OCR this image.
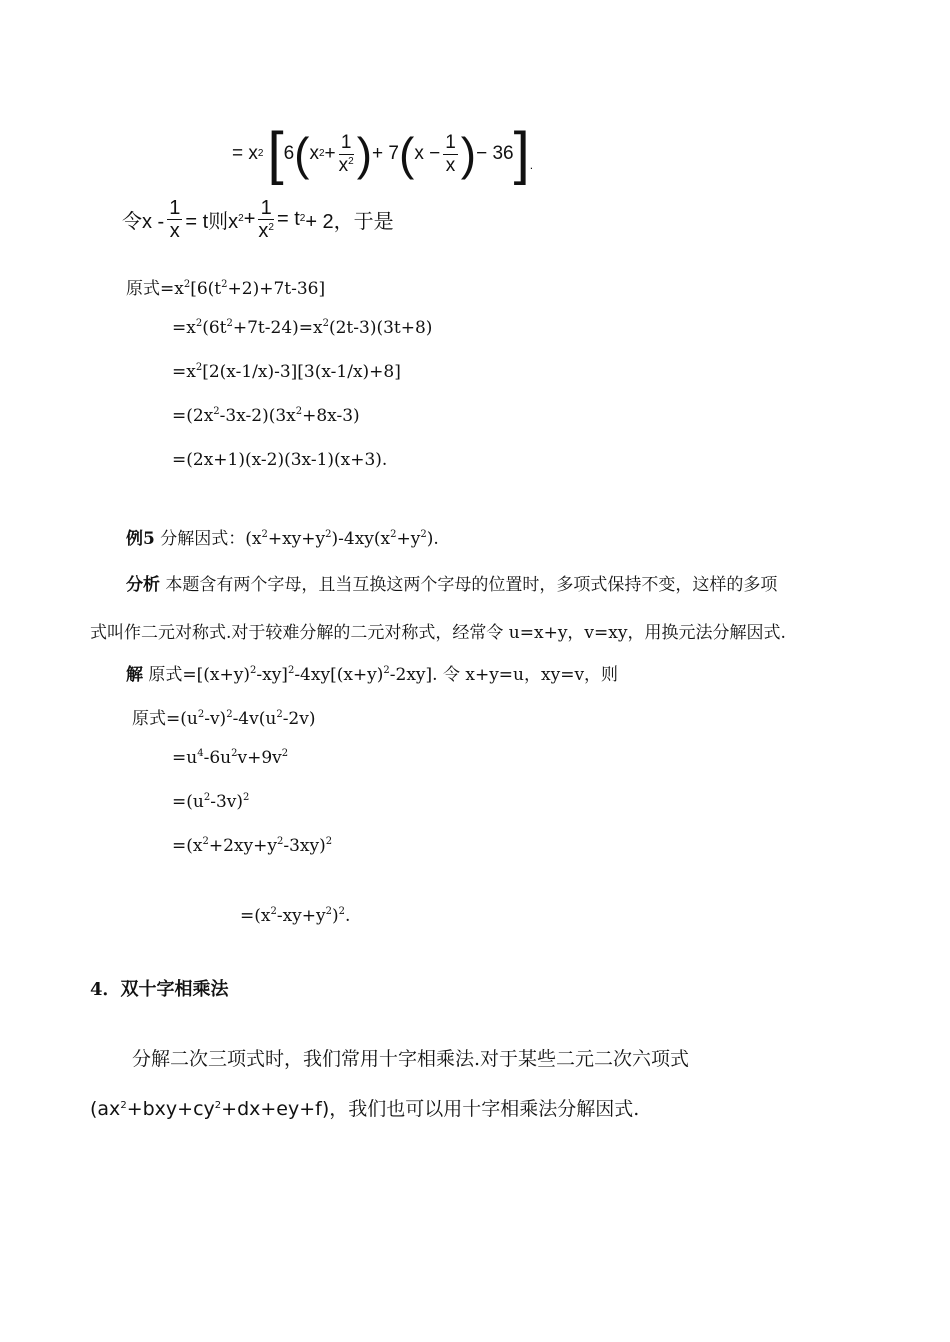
= x 2 [ 6 ( x $2 + \frac{1}{x^2}$ ) + 7 ( $x - \frac{1}{x}$ ) − 36 ] .
令$x - \frac{1}{x} = t$则x $2 + \frac{1}{x^2} = t$ 2 + 2，于是
原式$=x^2[6(t^2+2)+7t-36]$
$=x^2(6t^2+7t-24)=x^2(2t-3)(3t+8)$
$=x^2[2(x-1/x)-3][3(x-1/x)+8]$
$=(2x^2-3x-2)(3x^2+8x-3)$
=(2x+1)(x-2)(3x-1)(x+3).
例5 分解因式：$(x^2+xy+y^2)-4xy(x^2+y^2)$.
分析 本题含有两个字母，且当互换这两个字母的位置时，多项式保持不变，这样的多项
式叫作二元对称式.对于较难分解的二元对称式，经常令 u=x+y，v=xy，用换元法分解因式.
解 原式$=[(x+y)^2-xy]^2-4xy[(x+y)^2-2xy]$. 令 x+y=u，xy=v，则
原式$=(u^2-v)^2-4v(u^2-2v)$
$=u^4-6u^2v+9v^2$
$=(u^2-3v)^2$
$=(x^2+2xy+y^2-3xy)^2$
$=(x^2-xy+y^2)^2$.
4．双十字相乘法
分解二次三项式时，我们常用十字相乘法.对于某些二元二次六项式
$(ax^2+bxy+cy^2+dx+ey+f)$，我们也可以用十字相乘法分解因式.
